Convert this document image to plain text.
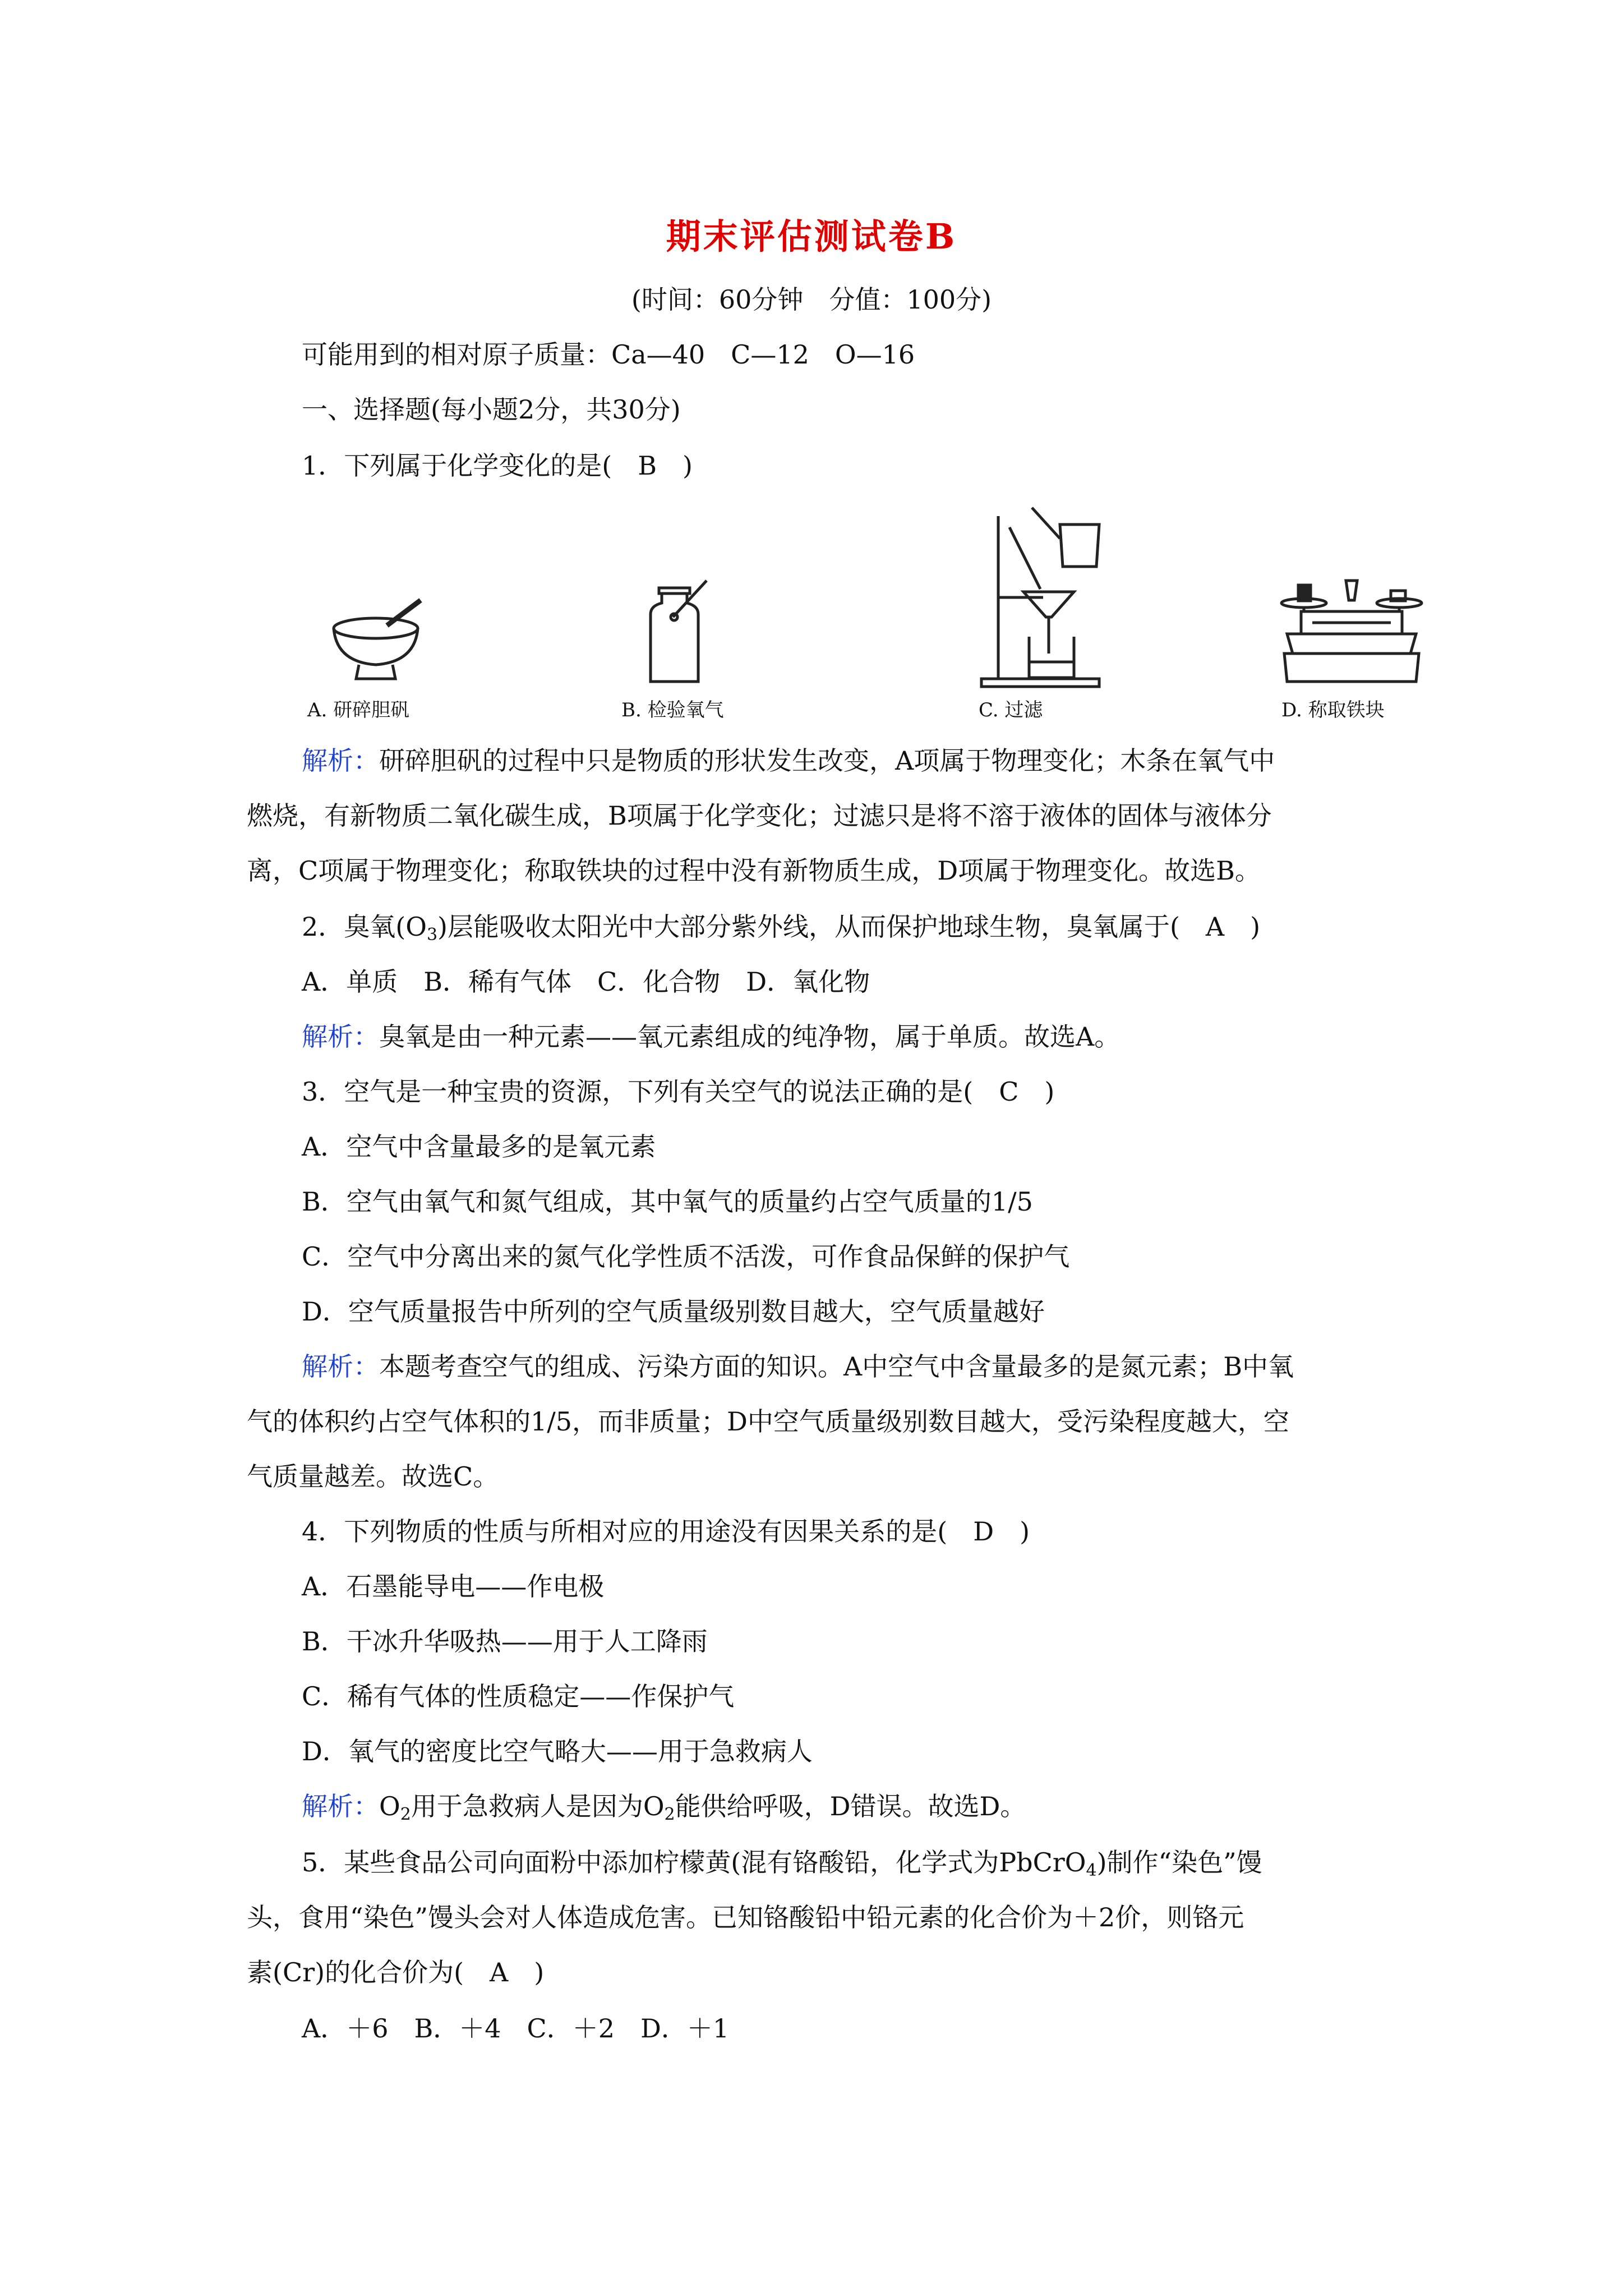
期末评估测试卷B
(时间：60分钟　分值：100分)
可能用到的相对原子质量：Ca—40　C—12　O—16
一、选择题(每小题2分，共30分)
1．下列属于化学变化的是(　B　)
A. 研碎胆矾	B. 检验氧气	C. 过滤	D. 称取铁块
解析：研碎胆矾的过程中只是物质的形状发生改变，A项属于物理变化；木条在氧气中
燃烧，有新物质二氧化碳生成，B项属于化学变化；过滤只是将不溶于液体的固体与液体分
离，C项属于物理变化；称取铁块的过程中没有新物质生成，D项属于物理变化。故选B。
2．臭氧$(O_3)$层能吸收太阳光中大部分紫外线，从而保护地球生物，臭氧属于(　A　)
A．单质　B．稀有气体　C．化合物　D．氧化物
解析：臭氧是由一种元素——氧元素组成的纯净物，属于单质。故选A。
3．空气是一种宝贵的资源，下列有关空气的说法正确的是(　C　)
A．空气中含量最多的是氧元素
B．空气由氧气和氮气组成，其中氧气的质量约占空气质量的1/5
C．空气中分离出来的氮气化学性质不活泼，可作食品保鲜的保护气
D．空气质量报告中所列的空气质量级别数目越大，空气质量越好
解析：本题考查空气的组成、污染方面的知识。A中空气中含量最多的是氮元素；B中氧
气的体积约占空气体积的1/5，而非质量；D中空气质量级别数目越大，受污染程度越大，空
气质量越差。故选C。
4．下列物质的性质与所相对应的用途没有因果关系的是(　D　)
A．石墨能导电——作电极
B．干冰升华吸热——用于人工降雨
C．稀有气体的性质稳定——作保护气
D．氧气的密度比空气略大——用于急救病人
解析：$O_2$用于急救病人是因为$O_2$能供给呼吸，D错误。故选D。
5．某些食品公司向面粉中添加柠檬黄(混有铬酸铅，化学式为PbCrO$_4$)制作“染色”馒
头，食用“染色”馒头会对人体造成危害。已知铬酸铅中铅元素的化合价为＋2价，则铬元
素(Cr)的化合价为(　A　)
A．＋6　B．＋4　C．＋2　D．＋1
